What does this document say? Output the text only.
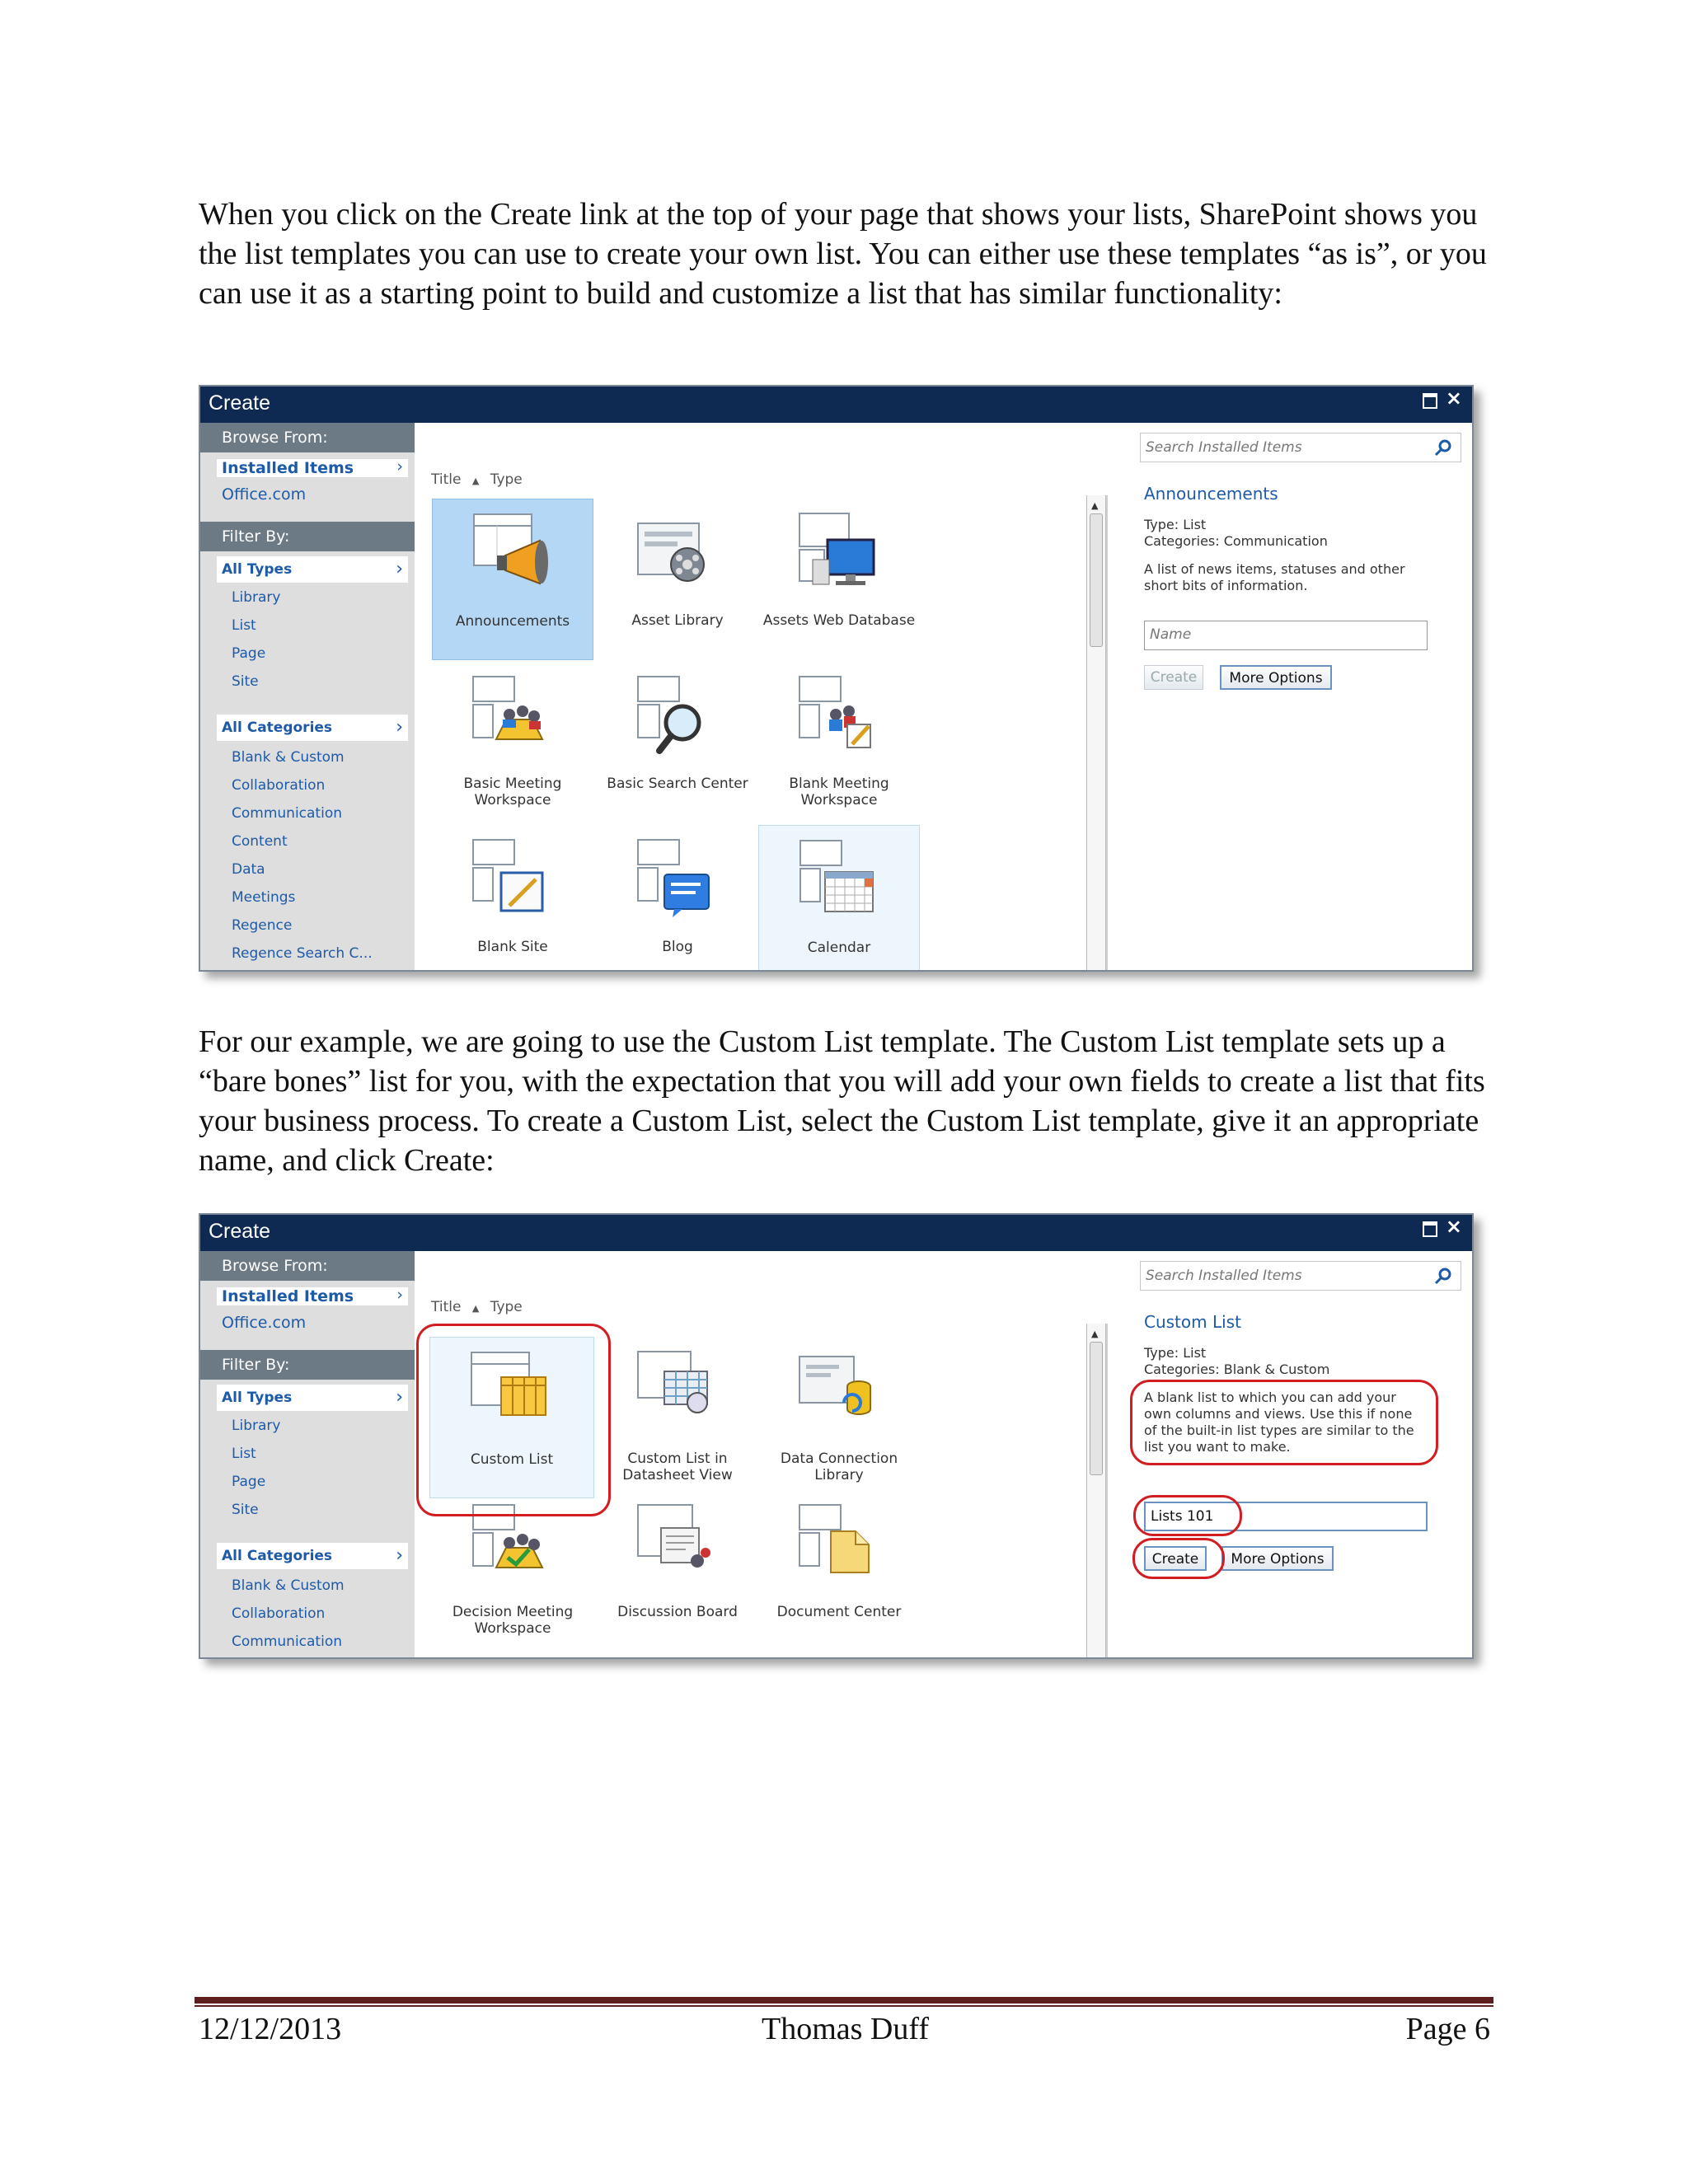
When you click on the Create link at the top of your page that shows your lists, SharePoint shows you the list templates you can use to create your own list. You can either use these templates “as is”, or you can use it as a starting point to build and customize a list that has similar functionality:

Create	×
Browse From:
Installed Items	›
Office.com
Filter By:
All Types	›
Library
List
Page
Site
All Categories	›
Blank & Custom
Collaboration
Communication
Content
Data
Meetings
Regence
Regence Search C...
Title ▲ Type
Announcements	Asset Library	Assets Web Database
Basic Meeting Workspace
Basic Search Center	Blank Meeting Workspace
Blank Site	Blog	Calendar
▲
Search Installed Items
Announcements
Type: List
Categories: Communication
A list of news items, statuses and other short bits of information.
Name
Create	More Options

For our example, we are going to use the Custom List template. The Custom List template sets up a “bare bones” list for you, with the expectation that you will add your own fields to create a list that fits your business process. To create a Custom List, select the Custom List template, give it an appropriate name, and click Create:

Create	×
Browse From:
Installed Items	›
Office.com
Filter By:
All Types	›
Library
List
Page
Site
All Categories	›
Blank & Custom
Collaboration
Communication
Title ▲ Type
Custom List	Custom List in Datasheet View
Data Connection Library
Decision Meeting Workspace
Discussion Board	Document Center
▲
Search Installed Items
Custom List
Type: List
Categories: Blank & Custom
A blank list to which you can add your own columns and views. Use this if none of the built-in list types are similar to the list you want to make.
Lists 101
Create	More Options
12/12/2013	Thomas Duff	Page 6
